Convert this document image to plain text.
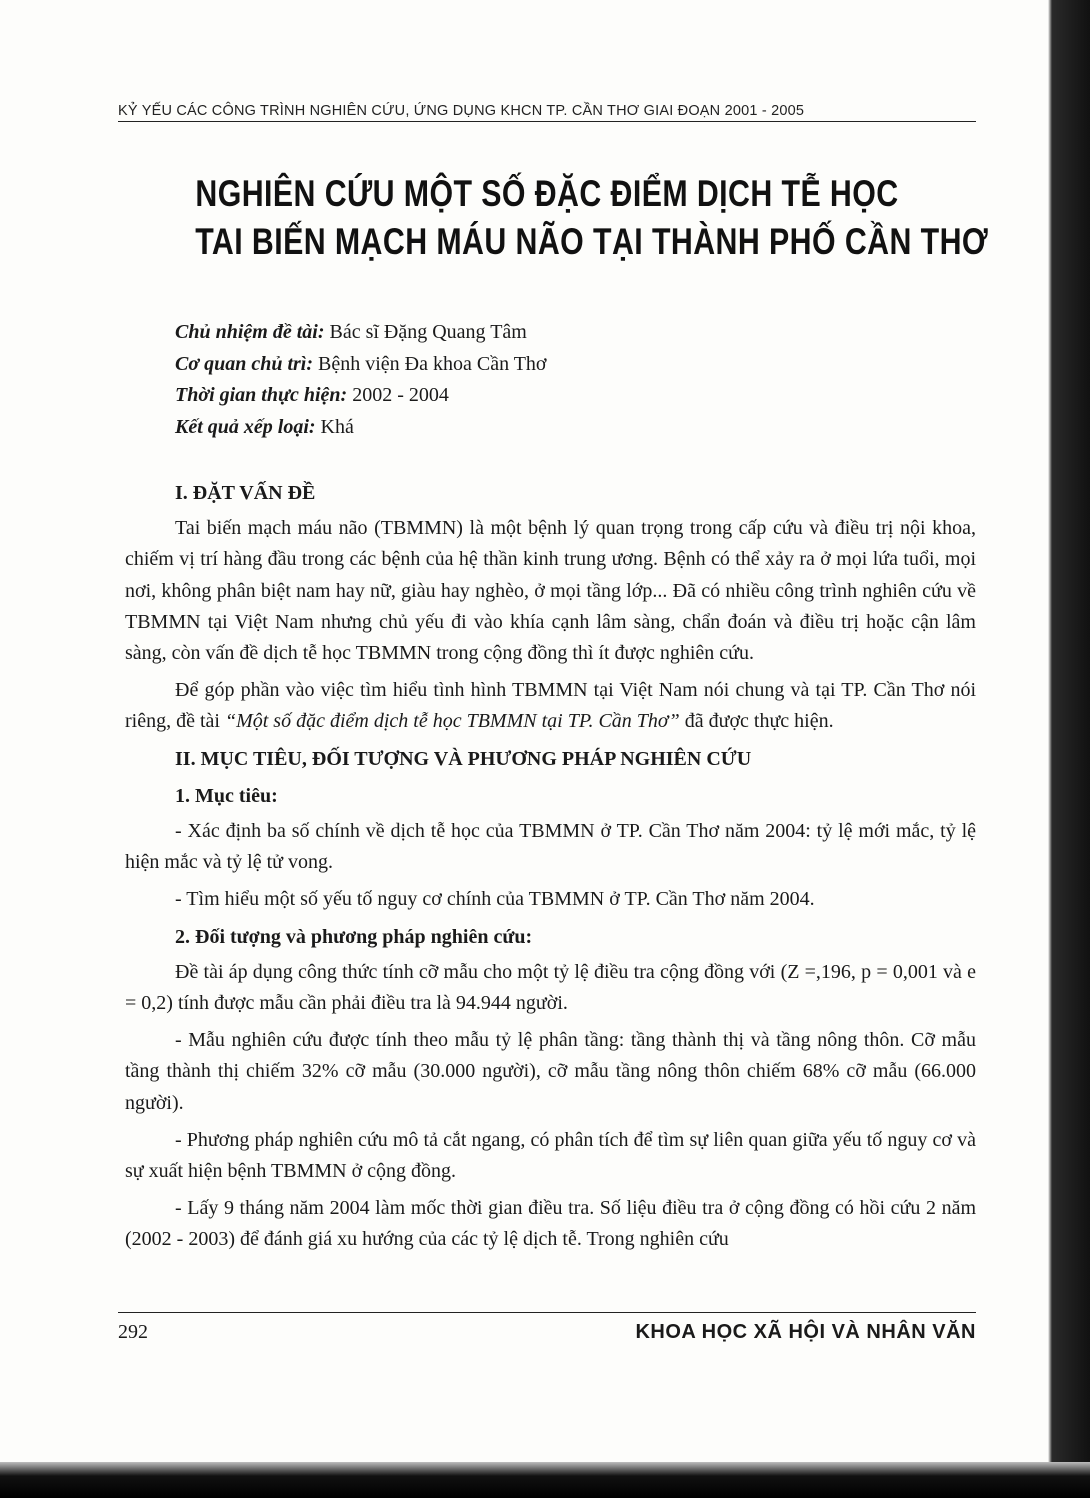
KỶ YẾU CÁC CÔNG TRÌNH NGHIÊN CỨU, ỨNG DỤNG KHCN TP. CẦN THƠ GIAI ĐOẠN 2001 - 2005
NGHIÊN CỨU MỘT SỐ ĐẶC ĐIỂM DỊCH TỄ HỌC
TAI BIẾN MẠCH MÁU NÃO TẠI THÀNH PHỐ CẦN THƠ
Chủ nhiệm đề tài: Bác sĩ Đặng Quang Tâm
Cơ quan chủ trì: Bệnh viện Đa khoa Cần Thơ
Thời gian thực hiện: 2002 - 2004
Kết quả xếp loại: Khá
I. ĐẶT VẤN ĐỀ
Tai biến mạch máu não (TBMMN) là một bệnh lý quan trọng trong cấp cứu và điều trị nội khoa, chiếm vị trí hàng đầu trong các bệnh của hệ thần kinh trung ương. Bệnh có thể xảy ra ở mọi lứa tuổi, mọi nơi, không phân biệt nam hay nữ, giàu hay nghèo, ở mọi tầng lớp... Đã có nhiều công trình nghiên cứu về TBMMN tại Việt Nam nhưng chủ yếu đi vào khía cạnh lâm sàng, chẩn đoán và điều trị hoặc cận lâm sàng, còn vấn đề dịch tễ học TBMMN trong cộng đồng thì ít được nghiên cứu.
Để góp phần vào việc tìm hiểu tình hình TBMMN tại Việt Nam nói chung và tại TP. Cần Thơ nói riêng, đề tài “Một số đặc điểm dịch tễ học TBMMN tại TP. Cần Thơ” đã được thực hiện.
II. MỤC TIÊU, ĐỐI TƯỢNG VÀ PHƯƠNG PHÁP NGHIÊN CỨU
1. Mục tiêu:
- Xác định ba số chính về dịch tễ học của TBMMN ở TP. Cần Thơ năm 2004: tỷ lệ mới mắc, tỷ lệ hiện mắc và tỷ lệ tử vong.
- Tìm hiểu một số yếu tố nguy cơ chính của TBMMN ở TP. Cần Thơ năm 2004.
2. Đối tượng và phương pháp nghiên cứu:
Đề tài áp dụng công thức tính cỡ mẫu cho một tỷ lệ điều tra cộng đồng với (Z =,196, p = 0,001 và e = 0,2) tính được mẫu cần phải điều tra là 94.944 người.
- Mẫu nghiên cứu được tính theo mẫu tỷ lệ phân tầng: tầng thành thị và tầng nông thôn. Cỡ mẫu tầng thành thị chiếm 32% cỡ mẫu (30.000 người), cỡ mẫu tầng nông thôn chiếm 68% cỡ mẫu (66.000 người).
- Phương pháp nghiên cứu mô tả cắt ngang, có phân tích để tìm sự liên quan giữa yếu tố nguy cơ và sự xuất hiện bệnh TBMMN ở cộng đồng.
- Lấy 9 tháng năm 2004 làm mốc thời gian điều tra. Số liệu điều tra ở cộng đồng có hồi cứu 2 năm (2002 - 2003) để đánh giá xu hướng của các tỷ lệ dịch tễ. Trong nghiên cứu
292	KHOA HỌC XÃ HỘI VÀ NHÂN VĂN
